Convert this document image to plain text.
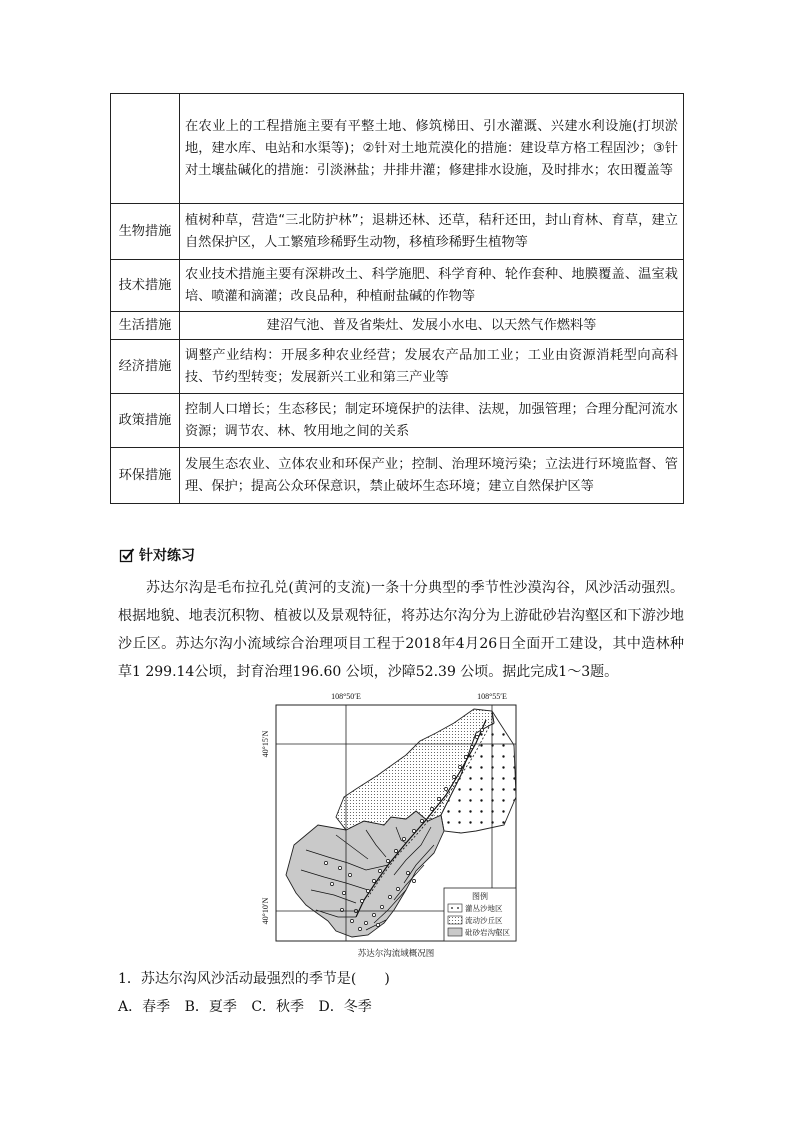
	在农业上的工程措施主要有平整土地、修筑梯田、引水灌溉、兴建水利设施(打坝淤地，建水库、电站和水渠等)；②针对土地荒漠化的措施：建设草方格工程固沙；③针对土壤盐碱化的措施：引淡淋盐；井排井灌；修建排水设施，及时排水；农田覆盖等
生物措施	植树种草，营造“三北防护林”；退耕还林、还草，秸秆还田，封山育林、育草，建立自然保护区，人工繁殖珍稀野生动物，移植珍稀野生植物等
技术措施	农业技术措施主要有深耕改土、科学施肥、科学育种、轮作套种、地膜覆盖、温室栽培、喷灌和滴灌；改良品种，种植耐盐碱的作物等
生活措施	建沼气池、普及省柴灶、发展小水电、以天然气作燃料等
经济措施	调整产业结构：开展多种农业经营；发展农产品加工业；工业由资源消耗型向高科技、节约型转变；发展新兴工业和第三产业等
政策措施	控制人口增长；生态移民；制定环境保护的法律、法规，加强管理；合理分配河流水资源；调节农、林、牧用地之间的关系
环保措施	发展生态农业、立体农业和环保产业；控制、治理环境污染；立法进行环境监督、管理、保护；提高公众环保意识，禁止破坏生态环境；建立自然保护区等
针对练习
苏达尔沟是毛布拉孔兑(黄河的支流)一条十分典型的季节性沙漠沟谷，风沙活动强烈。根据地貌、地表沉积物、植被以及景观特征，将苏达尔沟分为上游砒砂岩沟壑区和下游沙地沙丘区。苏达尔沟小流域综合治理项目工程于2018年4月26日全面开工建设，其中造林种草1 299.14公顷，封育治理196.60 公顷，沙障52.39 公顷。据此完成1～3题。
108°50′E	108°55′E
40°15′N
40°10′N
图例
灌丛沙地区
流动沙丘区
砒砂岩沟壑区
苏达尔沟流域概况图
1．苏达尔沟风沙活动最强烈的季节是(　　)
A．春季 B．夏季 C．秋季 D．冬季
